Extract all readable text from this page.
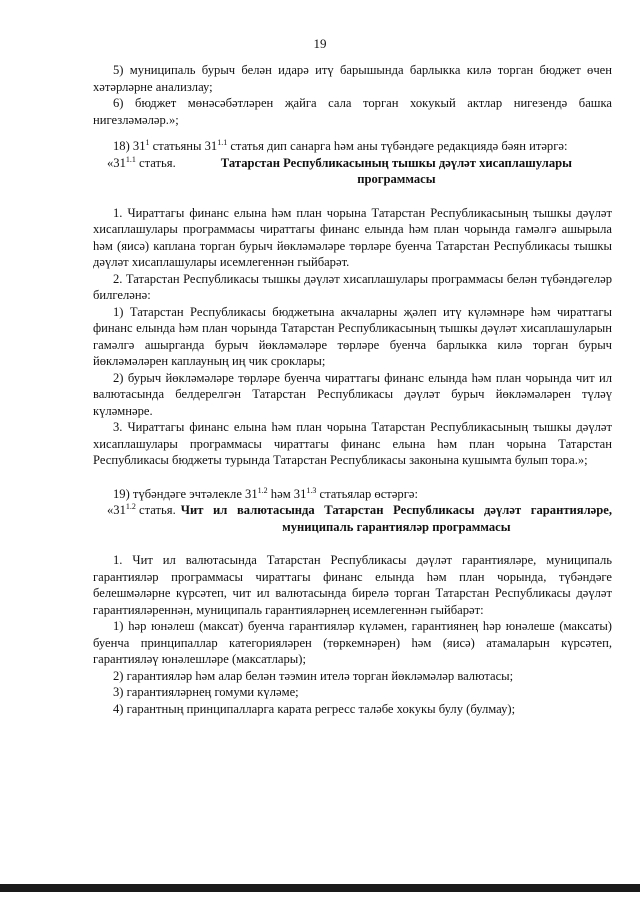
19

5) муниципаль бурыч белән идарә итү барышында барлыкка килә торган бюджет өчен хәтәрләрне анализлау;

6) бюджет мөнәсәбәтләрен җайга сала торган хокукый актлар нигезендә башка нигезләмәләр.»;

18) $31^1$ статьяны $31^{1.1}$ статья дип санарга һәм аны түбәндәге редакциядә бәян итәргә:

«$31^{1.1}$ статья.	Татарстан Республикасының тышкы дәүләт хисаплашулары программасы

1. Чираттагы финанс елына һәм план чорына Татарстан Республикасының тышкы дәүләт хисаплашулары программасы чираттагы финанс елында һәм план чорында гамәлгә ашырыла һәм (яисә) каплана торган бурыч йөкләмәләре төрләре буенча Татарстан Республикасы тышкы дәүләт хисаплашулары исемлегеннән гыйбарәт.

2. Татарстан Республикасы тышкы дәүләт хисаплашулары программасы белән түбәндәгеләр билгеләнә:

1) Татарстан Республикасы бюджетына акчаларны җәлеп итү күләмнәре һәм чираттагы финанс елында һәм план чорында Татарстан Республикасының тышкы дәүләт хисаплашуларын гамәлгә ашырганда бурыч йөкләмәләре төрләре буенча барлыкка килә торган бурыч йөкләмәләрен каплауның иң чик сроклары;

2) бурыч йөкләмәләре төрләре буенча чираттагы финанс елында һәм план чорында чит ил валютасында белдерелгән Татарстан Республикасы дәүләт бурыч йөкләмәләрен түләү күләмнәре.

3. Чираттагы финанс елына һәм план чорына Татарстан Республикасының тышкы дәүләт хисаплашулары программасы чираттагы финанс елына һәм план чорына Татарстан Республикасы бюджеты турында Татарстан Республикасы законына кушымта булып тора.»;

19) түбәндәге эчтәлекле $31^{1.2}$ һәм $31^{1.3}$ статьялар өстәргә:

«$31^{1.2}$ статья. Чит ил валютасында Татарстан Республикасы дәүләт гарантияләре, муниципаль гарантияләр программасы

1. Чит ил валютасында Татарстан Республикасы дәүләт гарантияләре, муниципаль гарантияләр программасы чираттагы финанс елында һәм план чорында, түбәндәге белешмәләрне күрсәтеп, чит ил валютасында бирелә торган Татарстан Республикасы дәүләт гарантияләреннән, муниципаль гарантияләрнең исемлегеннән гыйбарәт:

1) һәр юнәлеш (максат) буенча гарантияләр күләмен, гарантиянең һәр юнәлеше (максаты) буенча принципаллар категорияләрен (төркемнәрен) һәм (яисә) атамаларын күрсәтеп, гарантияләү юнәлешләре (максатлары);

2) гарантияләр һәм алар белән тәэмин ителә торган йөкләмәләр валютасы;

3) гарантияләрнең гомуми күләме;

4) гарантның принципалларга карата регресс таләбе хокукы булу (булмау);
